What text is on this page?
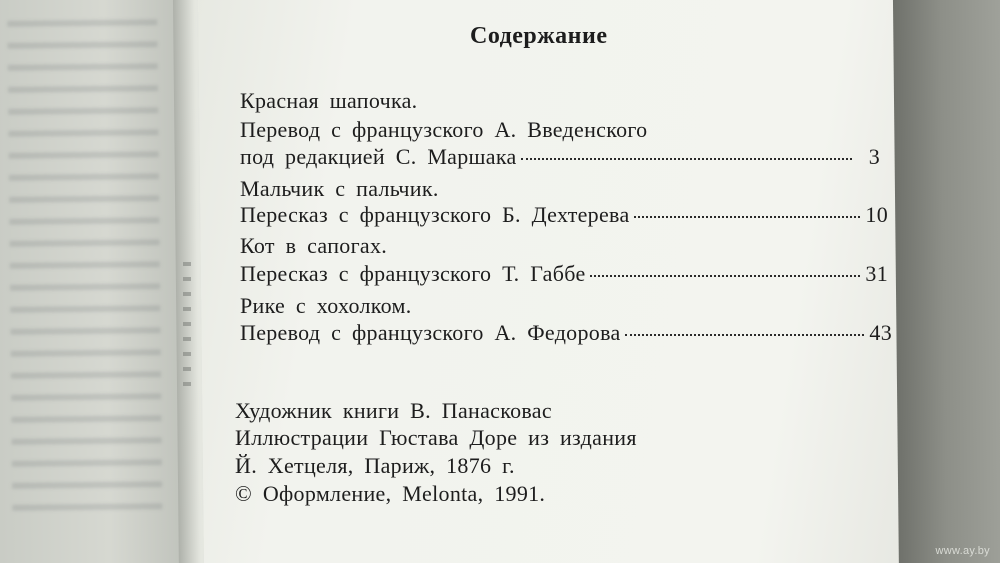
Содержание
Красная шапочка.
Перевод с французского А. Введенского
под редакцией С. Маршака	3
Мальчик с пальчик.
Пересказ с французского Б. Дехтерева	10
Кот в сапогах.
Пересказ с французского Т. Габбе	31
Рике с хохолком.
Перевод с французского А. Федорова	43
Художник книги В. Панасковас
Иллюстрации Гюстава Доре из издания
Й. Хетцеля, Париж, 1876 г.
© Оформление, Melonta, 1991.
www.ay.by
